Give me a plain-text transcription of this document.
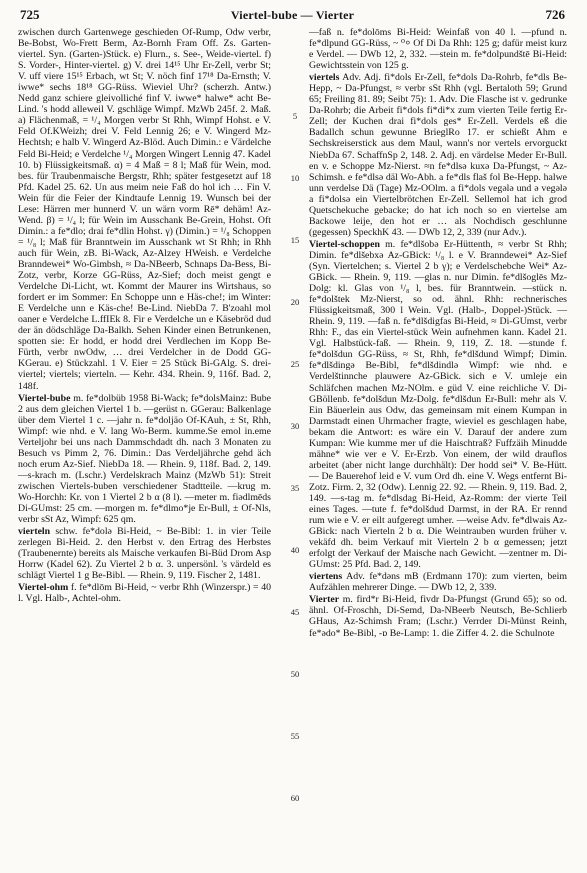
725	Viertel-bube — Vierter	726

zwischen durch Gartenwege geschieden Of-Rump, Odw verbr, Be-Bobst, Wo-Frett Berm, Az-Bornh Fram Off. Zs. Garten-viertel. Syn. (Garten-)Stück. e) Flurn., s. See-, Weide-viertel. f) S. Vorder-, Hinter-viertel. g) V. drei 14¹⁵ Uhr Er-Zell, verbr St; V. uff viere 15¹⁵ Erbach, wt St; V. nöch finf 17¹⁸ Da-Ernsth; V. iwwe* sechs 18¹⁸ GG-Rüss. Wieviel Uhr? (scherzh. Antw.) Nedd ganz schiere gleivolliché finf V. iwwe* halwe* acht Be-Lind. 's hodd alleweil V. gschläge Wimpf. MzWb 245f. 2. Maß. a) Flächenmaß, = ¹/₄ Morgen verbr St Rhh, Wimpf Hohst. e V. Feld Of.KWeizh; drei V. Feld Lennig 26; e V. Wingerd Mz-Hechtsh; e halb V. Wingerd Az-Blöd. Auch Dimin.: e Värdelche Feld Bi-Heid; e Verdelche ¹/₄ Morgen Wingert Lennig 47. Kadel 10. b) Flüssigkeitsmaß. α) = 4 Maß = 8 l; Maß für Wein, mod. bes. für Traubenmaische Bergstr, Rhh; später festgesetzt auf 18 Pfd. Kadel 25. 62. Un aus meim neie Faß do hol ich … Fin V. Wein für die Feier der Kindtaufe Lennig 19. Wunsch bei der Lese: Härren mer hunnerd V. un wärn vorm Rē* dehäm! Az-Wend. β) = ¹/₄ l; für Wein im Ausschank Be-Grein, Hohst. Oft Dimin.: a fe*dlo; drai fe*dlin Hohst. γ) (Dimin.) = ¹/₈ Schoppen = ¹/₈ l; Maß für Branntwein im Ausschank wt St Rhh; in Rhh auch für Wein, zB. Bi-Wack, Az-Alzey HWeish. e Verdelche Branndewei* Wo-Gimbsh, ≈ Da-NBeerb, Schnaps Da-Bess, Bi-Zotz, verbr, Korze GG-Rüss, Az-Sief; doch meist gengt e Verdelche Di-Licht, wt. Kommt der Maurer ins Wirtshaus, so fordert er im Sommer: En Schoppe unn e Häs-che!; im Winter: E Verdelche unn e Käs-che! Be-Lind. NiebDa 7. B'zoahl mol oaner e Verdelche L.ffIEk 8. Fir e Verdelche un e Käsebröd dud der än dödschläge Da-Balkh. Sehen Kinder einen Betrunkenen, spotten sie: Er hodd, er hodd drei Verdlechen im Kopp Be-Fürth, verbr nwOdw, … drei Verdelcher in de Dodd GG-KGerau. e) Stückzahl. 1 V. Eier = 25 Stück Bi-GAlg. S. drei-viertel; viertels; vierteln. — Kehr. 434. Rhein. 9, 116f. Bad. 2, 148f.

Viertel-bube m. fe*dolbüb 1958 Bi-Wack; fe*dolsMainz: Bube 2 aus dem gleichen Viertel 1 b. —gerüst n. GGerau: Balkenlage über dem Viertel 1 c. —jahr n. fe*doljäo Of-KAuh, ± St, Rhh, Wimpf: wie nhd. e V. lang Wo-Berm. kumme.Se emol in.eme Verteljohr bei uns nach Dammschdadt dh. nach 3 Monaten zu Besuch vs Pimm 2, 76. Dimin.: Das Verdeljährche gehd äch noch erum Az-Sief. NiebDa 18. — Rhein. 9, 118f. Bad. 2, 149. —s-krach m. (Lschr.) Verdelskrach Mainz (MzWb 51): Streit zwischen Viertels-buben verschiedener Stadtteile. —krug m. Wo-Horchh: Kr. von 1 Viertel 2 b α (8 l). —meter m. fiədlmēds Di-GUmst: 25 cm. —morgen m. fe*dlmo*je Er-Bull, ± Of-Nls, verbr sSt Az, Wimpf: 625 qm.

vierteln schw. fe*dolə Bi-Heid, ~ Be-Bibl: 1. in vier Teile zerlegen Bi-Heid. 2. den Herbst v. den Ertrag des Herbstes (Traubenernte) bereits als Maische verkaufen Bi-Büd Drom Asp Horrw (Kadel 62). Zu Viertel 2 b α. 3. unpersönl. 's värdeld es schlägt Viertel 1 g Be-Bibl. — Rhein. 9, 119. Fischer 2, 1481.

Viertel-ohm f. fe*dlōm Bi-Heid, ~ verbr Rhh (Winzerspr.) = 40 l. Vgl. Halb-, Achtel-ohm.

5
10
15
20
25
30
35
40
45
50
55
60

—faß n. fe*dolōms Bi-Heid: Weinfaß von 40 l. —pfund n. fe*dlpund GG-Rüss, ~ ⁰⸰ Of Di Da Rhh: 125 g; dafür meist kurz e Verdel. — DWb 12, 2, 332. —stein m. fe*dolpundštē Bi-Heid: Gewichtsstein von 125 g.

viertels Adv. Adj. fi*dols Er-Zell, fe*dols Da-Rohrb, fe*dls Be-Hepp, ~ Da-Pfungst, ≈ verbr sSt Rhh (vgl. Bertaloth 59; Grund 65; Freiling 81. 89; Seibt 75): 1. Adv. Die Flasche ist v. gedrunke Da-Rohrb; die Arbeit fi*dols fi*di*x zum vierten Teile fertig Er-Zell; der Kuchen drai fi*dols ges* Er-Zell. Verdels eß die Badallch schun gewunne BrieglRo 17. er schießt Ahm e Sechskreiserstick aus dem Maul, wann's nor vertels ervorguckt NiebDa 67. SchaffnSp 2, 148. 2. Adj. en värdelse Meder Er-Bull. en v. e Schoppe Mz-Nierst. ≈n fe*dlsə kuxə Da-Pfungst, ~ Az-Schimsh. e fe*dlsə däl Wo-Abh. a fe*dls flaš fol Be-Hepp. halwe unn verdelse Dä (Tage) Mz-OOlm. a fi*dols vegələ und ə vegələ a fi*dolsə ein Viertelbrötchen Er-Zell. Sellemol hat ich grod Quetschekuche gebacke; do hat ich noch so en viertelse am Backowe leije, den hot er … als Nochdisch geschlunne (gegessen) SpeckhK 43. — DWb 12, 2, 339 (nur Adv.).

Viertel-schoppen m. fe*dlšobə Er-Hüttenth, ≈ verbr St Rhh; Dimin. fe*dlšebxə Az-GBick: ¹/₈ l. e V. Branndewei* Az-Sief (Syn. Viertelchen; s. Viertel 2 b γ); e Verdelschebche Wei* Az-GBick. — Rhein. 9, 119. —glas n. nur Dimin. fe*dlšoglēs Mz-Dolg: kl. Glas von ¹/₈ l, bes. für Branntwein. —stück n. fe*dolštek Mz-Nierst, so od. ähnl. Rhh: rechnerisches Flüssigkeitsmaß, 300 l Wein. Vgl. (Halb-, Doppel-)Stück. — Rhein. 9, 119. —faß n. fe*dlšdigfas Bi-Heid, ≈ Di-GUmst, verbr Rhh: F., das ein Viertel-stück Wein aufnehmen kann. Kadel 21. Vgl. Halbstück-faß. — Rhein. 9, 119, Z. 18. —stunde f. fe*dolšdun GG-Rüss, ≈ St, Rhh, fe*dlšdund Wimpf; Dimin. fe*dlšdingə Be-Bibl, fe*dlšdindlə Wimpf: wie nhd. e Verdelštinnche plauwere Az-GBick. sich e V. umleje ein Schläfchen machen Mz-NOlm. e güd V. eine reichliche V. Di-GBöllenb. fe*dolšdun Mz-Dolg. fe*dlšdun Er-Bull: mehr als V. Ein Bäuerlein aus Odw, das gemeinsam mit einem Kumpan in Darmstadt einen Uhrmacher fragte, wieviel es geschlagen habe, bekam die Antwort: es wäre ein V. Darauf der andere zum Kumpan: Wie kumme mer uf die Haischtraß? Fuffzäih Minudde mähne* wie ver e V. Er-Erzb. Von einem, der wild drauflos arbeitet (aber nicht lange durchhält): Der hodd sei* V. Be-Hütt. — De Bauerehof leid e V. vum Ord dh. eine V. Wegs entfernt Bi-Zotz. Firm. 2, 32 (Odw). Lennig 22. 92. — Rhein. 9, 119. Bad. 2, 149. —s-tag m. fe*dlsdag Bi-Heid, Az-Romm: der vierte Teil eines Tages. —tute f. fe*dolšdud Darmst, in der RA. Er rennd rum wie e V. er eilt aufgeregt umher. —weise Adv. fe*dlwais Az-GBick: nach Vierteln 2 b α. Die Weintrauben wurden früher v. vekäfd dh. beim Verkauf mit Vierteln 2 b α gemessen; jetzt erfolgt der Verkauf der Maische nach Gewicht. —zentner m. Di-GUmst: 25 Pfd. Bad. 2, 149.

viertens Adv. fe*dəns mB (Erdmann 170): zum vierten, beim Aufzählen mehrerer Dinge. — DWb 12, 2, 339.

Vierter m. fird*r Bi-Heid, fivdr Da-Pfungst (Grund 65); so od. ähnl. Of-Froschh, Di-Semd, Da-NBeerb Neutsch, Be-Schlierb GHaus, Az-Schimsh Fram; (Lschr.) Verrder Di-Münst Reinh, fe*ədo* Be-Bibl, -ɒ Be-Lamp: 1. die Ziffer 4. 2. die Schulnote
